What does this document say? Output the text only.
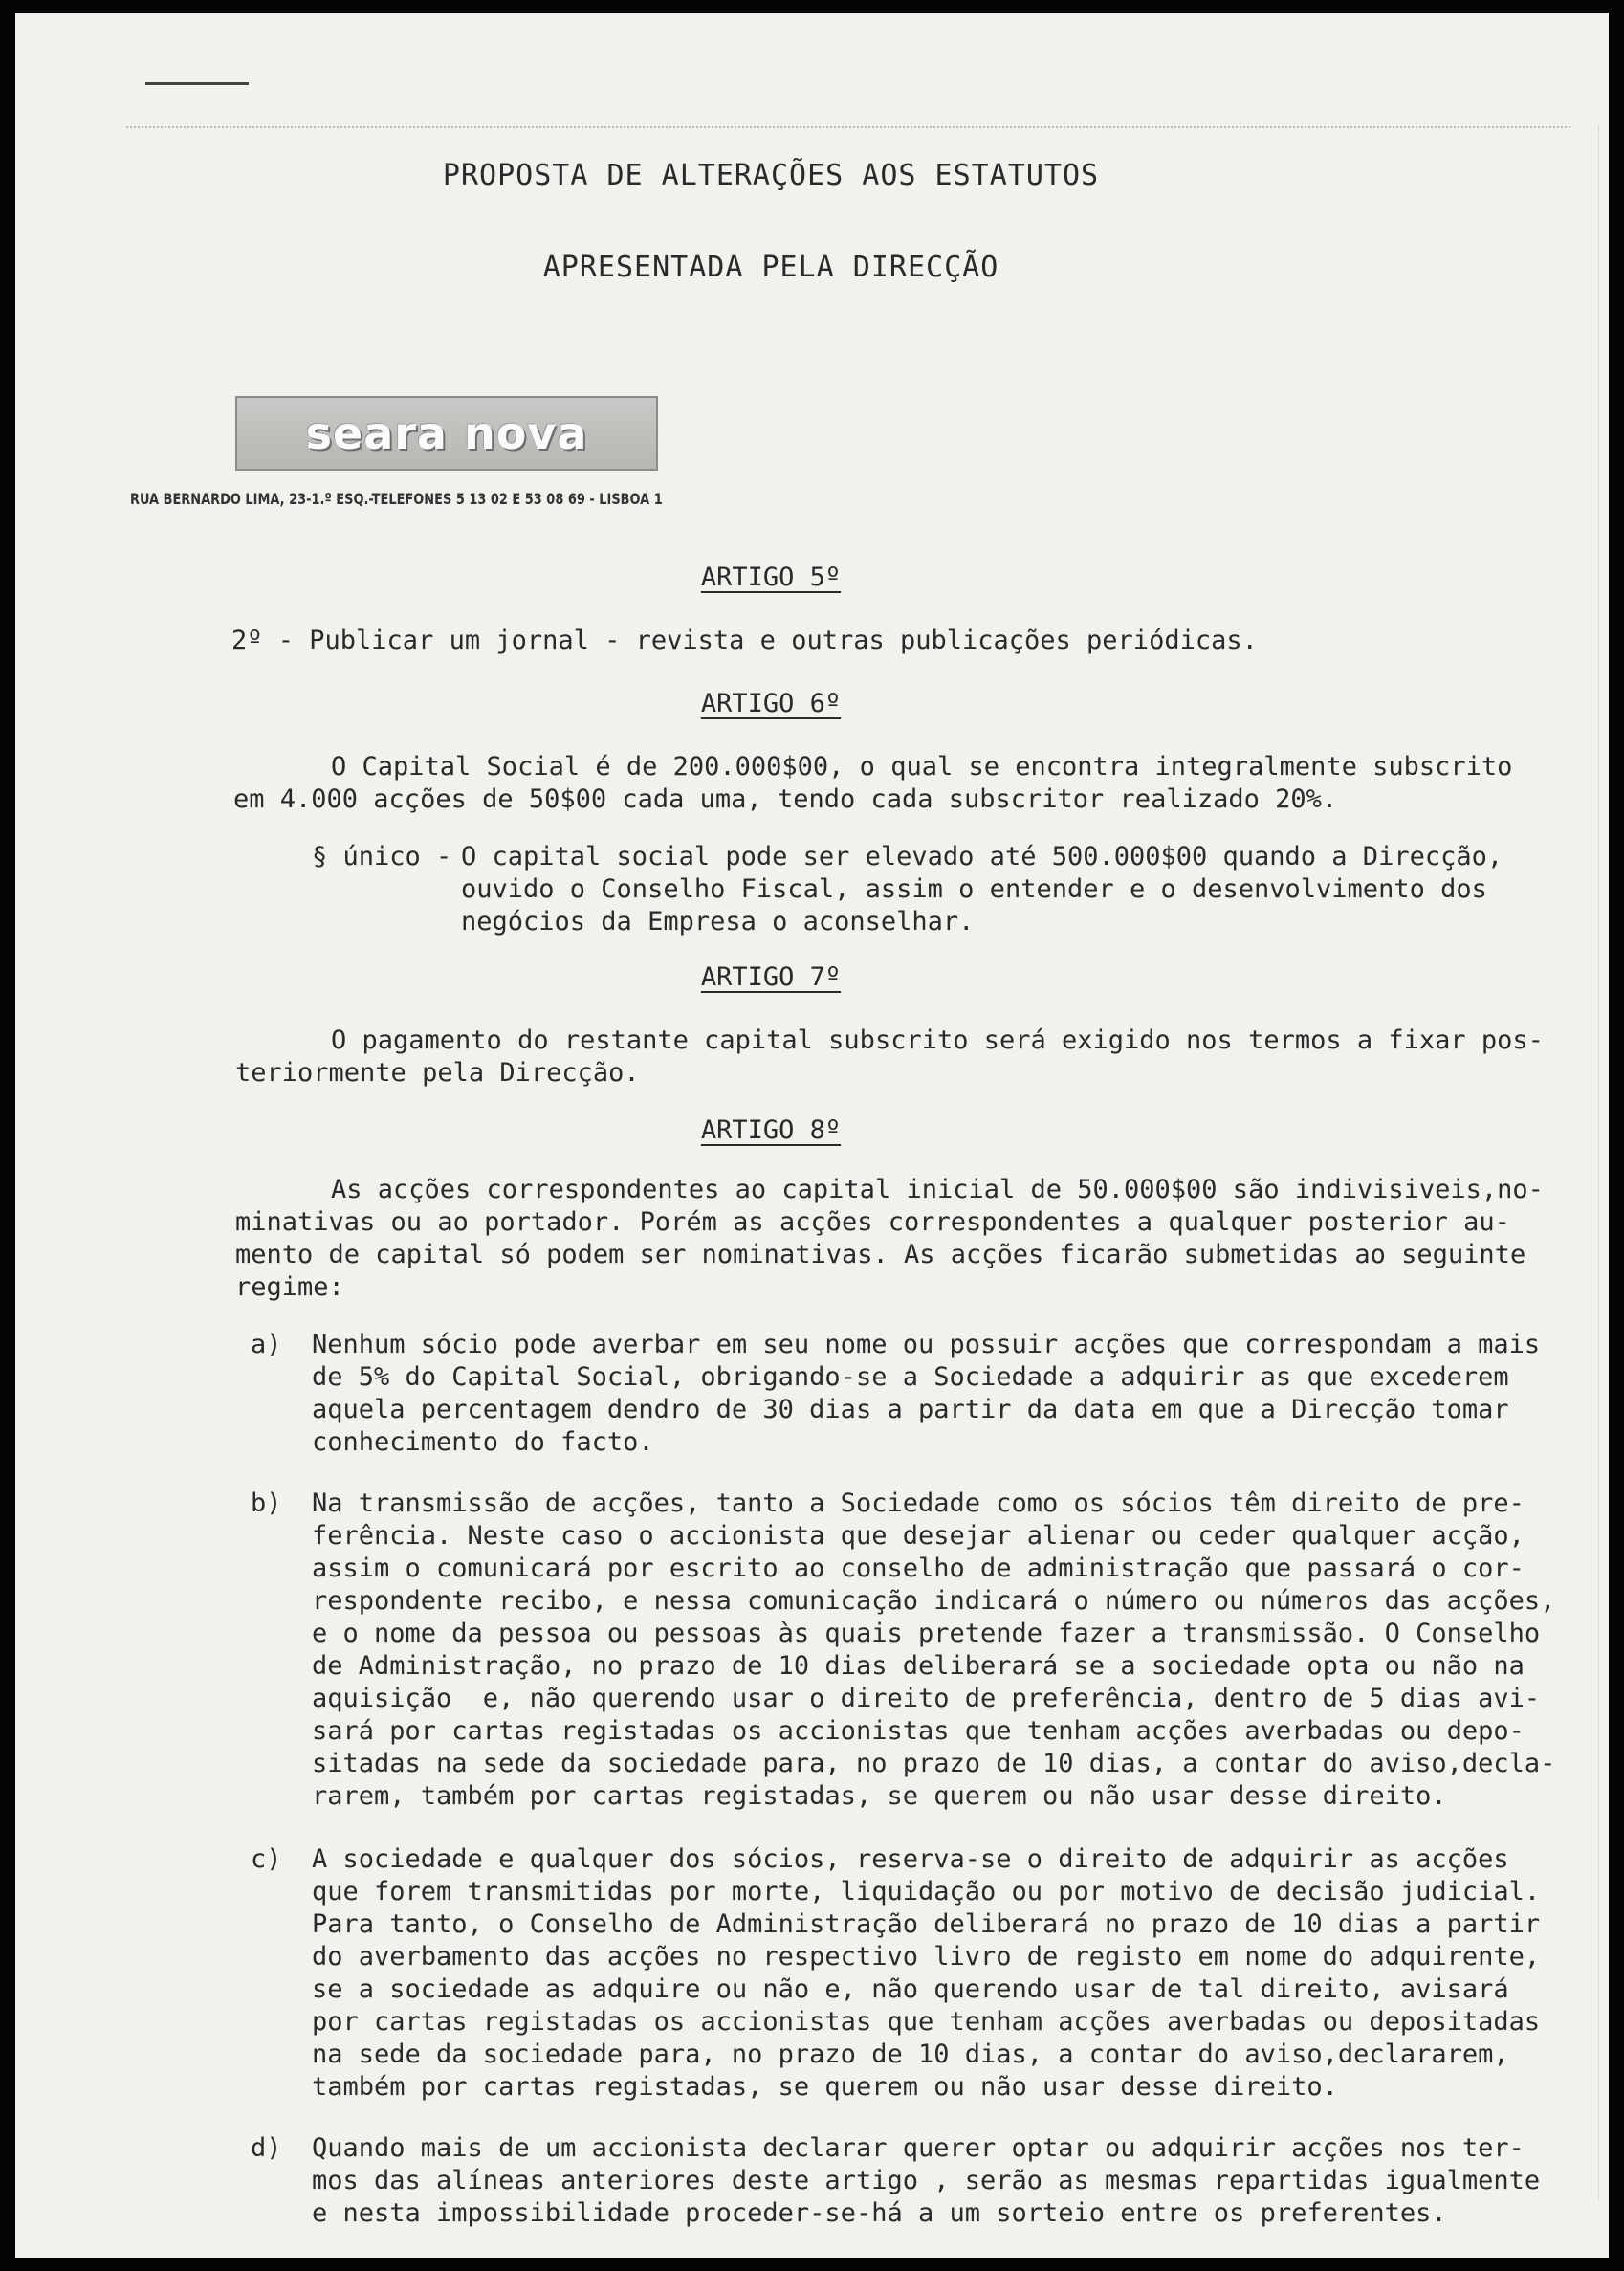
PROPOSTA DE ALTERAÇÕES AOS ESTATUTOS
APRESENTADA PELA DIRECÇÃO
seara nova
RUA BERNARDO LIMA, 23-1.º ESQ.-TELEFONES 5 13 02 E 53 08 69 - LISBOA 1
ARTIGO 5º
2º - Publicar um jornal - revista e outras publicações periódicas.
ARTIGO 6º
O Capital Social é de 200.000$00, o qual se encontra integralmente subscrito
em 4.000 acções de 50$00 cada uma, tendo cada subscritor realizado 20%.
§ único - O capital social pode ser elevado até 500.000$00 quando a Direcção,
ouvido o Conselho Fiscal, assim o entender e o desenvolvimento dos
negócios da Empresa o aconselhar.
ARTIGO 7º
O pagamento do restante capital subscrito será exigido nos termos a fixar pos-
teriormente pela Direcção.
ARTIGO 8º
As acções correspondentes ao capital inicial de 50.000$00 são indivisiveis,no-
minativas ou ao portador. Porém as acções correspondentes a qualquer posterior au-
mento de capital só podem ser nominativas. As acções ficarão submetidas ao seguinte
regime:
a) Nenhum sócio pode averbar em seu nome ou possuir acções que correspondam a mais
de 5% do Capital Social, obrigando-se a Sociedade a adquirir as que excederem
aquela percentagem dendro de 30 dias a partir da data em que a Direcção tomar
conhecimento do facto.
b) Na transmissão de acções, tanto a Sociedade como os sócios têm direito de pre-
ferência. Neste caso o accionista que desejar alienar ou ceder qualquer acção,
assim o comunicará por escrito ao conselho de administração que passará o cor-
respondente recibo, e nessa comunicação indicará o número ou números das acções,
e o nome da pessoa ou pessoas às quais pretende fazer a transmissão. O Conselho
de Administração, no prazo de 10 dias deliberará se a sociedade opta ou não na
aquisição  e, não querendo usar o direito de preferência, dentro de 5 dias avi-
sará por cartas registadas os accionistas que tenham acções averbadas ou depo-
sitadas na sede da sociedade para, no prazo de 10 dias, a contar do aviso,decla-
rarem, também por cartas registadas, se querem ou não usar desse direito.
c) A sociedade e qualquer dos sócios, reserva-se o direito de adquirir as acções
que forem transmitidas por morte, liquidação ou por motivo de decisão judicial.
Para tanto, o Conselho de Administração deliberará no prazo de 10 dias a partir
do averbamento das acções no respectivo livro de registo em nome do adquirente,
se a sociedade as adquire ou não e, não querendo usar de tal direito, avisará
por cartas registadas os accionistas que tenham acções averbadas ou depositadas
na sede da sociedade para, no prazo de 10 dias, a contar do aviso,declararem,
também por cartas registadas, se querem ou não usar desse direito.
d) Quando mais de um accionista declarar querer optar ou adquirir acções nos ter-
mos das alíneas anteriores deste artigo , serão as mesmas repartidas igualmente
e nesta impossibilidade proceder-se-há a um sorteio entre os preferentes.
